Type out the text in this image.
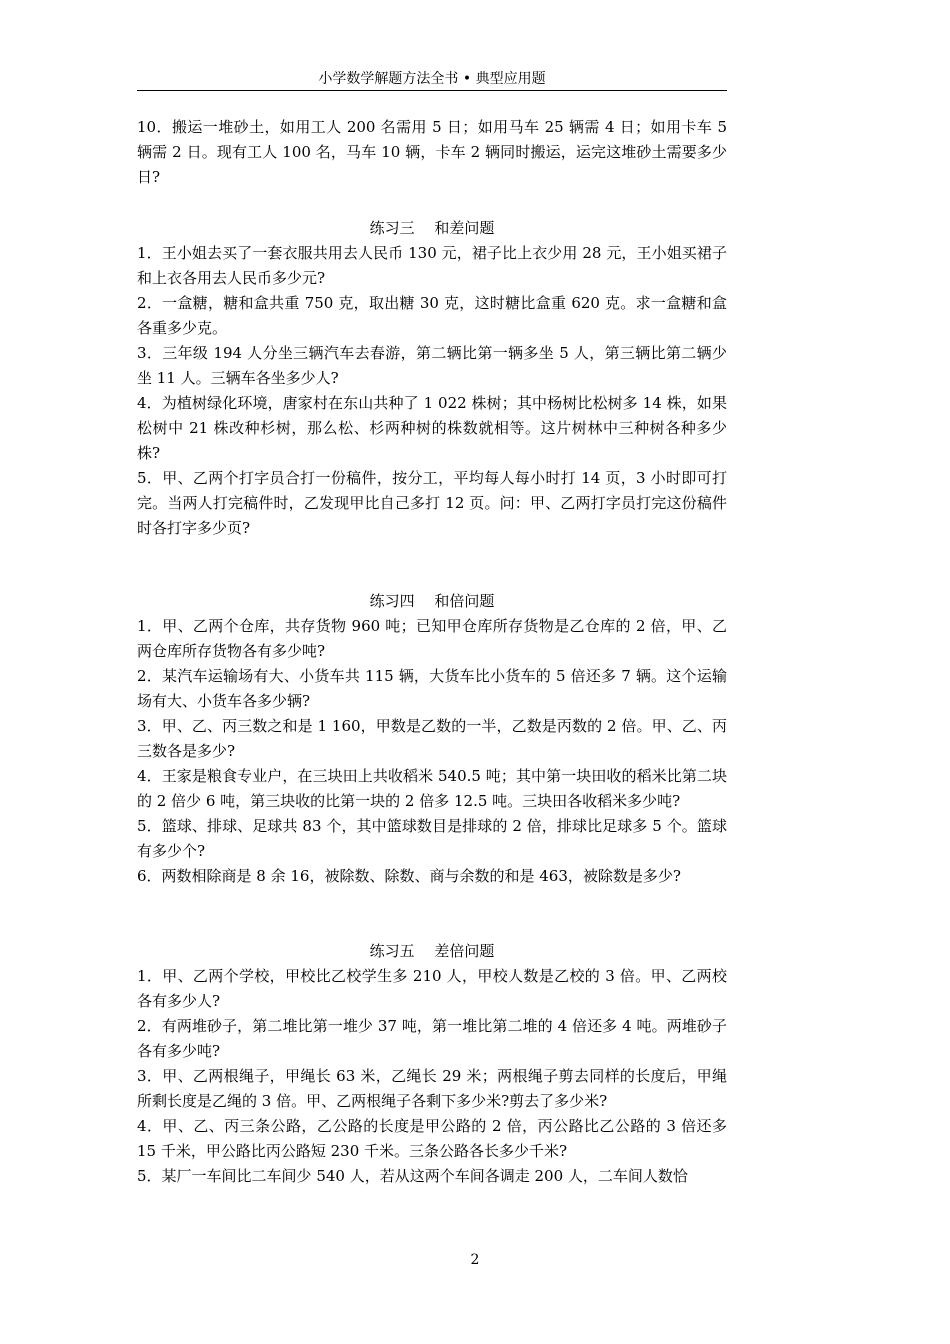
小学数学解题方法全书 • 典型应用题

10．搬运一堆砂土，如用工人 200 名需用 5 日；如用马车 25 辆需 4 日；如用卡车 5 辆需 2 日。现有工人 100 名，马车 10 辆，卡车 2 辆同时搬运，运完这堆砂土需要多少日?

练习三　 和差问题

1．王小姐去买了一套衣服共用去人民币 130 元，裙子比上衣少用 28 元，王小姐买裙子和上衣各用去人民币多少元?

2．一盒糖，糖和盒共重 750 克，取出糖 30 克，这时糖比盒重 620 克。求一盒糖和盒各重多少克。

3．三年级 194 人分坐三辆汽车去春游，第二辆比第一辆多坐 5 人，第三辆比第二辆少坐 11 人。三辆车各坐多少人?

4．为植树绿化环境，唐家村在东山共种了 1 022 株树；其中杨树比松树多 14 株，如果松树中 21 株改种杉树，那么松、杉两种树的株数就相等。这片树林中三种树各种多少株?

5．甲、乙两个打字员合打一份稿件，按分工，平均每人每小时打 14 页，3 小时即可打完。当两人打完稿件时，乙发现甲比自己多打 12 页。问：甲、乙两打字员打完这份稿件时各打字多少页?

练习四　 和倍问题

1．甲、乙两个仓库，共存货物 960 吨；已知甲仓库所存货物是乙仓库的 2 倍，甲、乙两仓库所存货物各有多少吨?

2．某汽车运输场有大、小货车共 115 辆，大货车比小货车的 5 倍还多 7 辆。这个运输场有大、小货车各多少辆?

3．甲、乙、丙三数之和是 1 160，甲数是乙数的一半，乙数是丙数的 2 倍。甲、乙、丙三数各是多少?

4．王家是粮食专业户，在三块田上共收稻米 540.5 吨；其中第一块田收的稻米比第二块的 2 倍少 6 吨，第三块收的比第一块的 2 倍多 12.5 吨。三块田各收稻米多少吨?

5．篮球、排球、足球共 83 个，其中篮球数目是排球的 2 倍，排球比足球多 5 个。篮球有多少个?

6．两数相除商是 8 余 16，被除数、除数、商与余数的和是 463，被除数是多少?

练习五　 差倍问题

1．甲、乙两个学校，甲校比乙校学生多 210 人，甲校人数是乙校的 3 倍。甲、乙两校各有多少人?

2．有两堆砂子，第二堆比第一堆少 37 吨，第一堆比第二堆的 4 倍还多 4 吨。两堆砂子各有多少吨?

3．甲、乙两根绳子，甲绳长 63 米，乙绳长 29 米；两根绳子剪去同样的长度后，甲绳所剩长度是乙绳的 3 倍。甲、乙两根绳子各剩下多少米?剪去了多少米?

4．甲、乙、丙三条公路，乙公路的长度是甲公路的 2 倍，丙公路比乙公路的 3 倍还多 15 千米，甲公路比丙公路短 230 千米。三条公路各长多少千米?

5．某厂一车间比二车间少 540 人，若从这两个车间各调走 200 人，二车间人数恰

2
